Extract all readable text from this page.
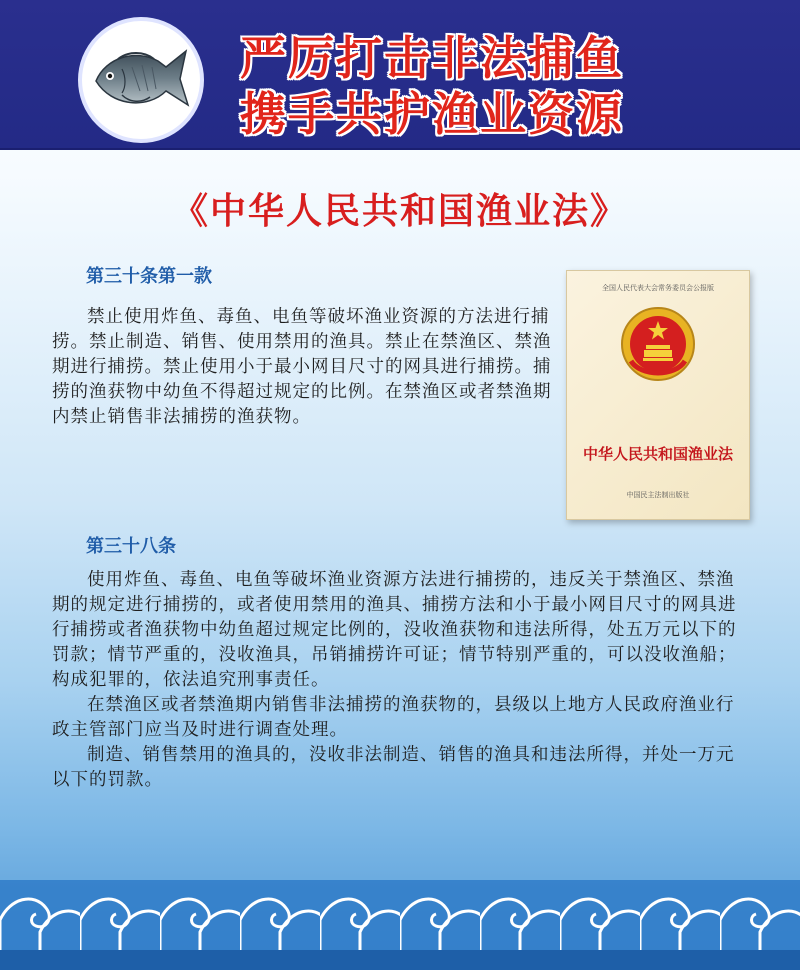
严厉打击非法捕鱼
携手共护渔业资源
《中华人民共和国渔业法》
第三十条第一款

禁止使用炸鱼、毒鱼、电鱼等破坏渔业资源的方法进行捕捞。禁止制造、销售、使用禁用的渔具。禁止在禁渔区、禁渔期进行捕捞。禁止使用小于最小网目尺寸的网具进行捕捞。捕捞的渔获物中幼鱼不得超过规定的比例。在禁渔区或者禁渔期内禁止销售非法捕捞的渔获物。

全国人民代表大会常务委员会公报版
中华人民共和国渔业法
中国民主法制出版社
第三十八条

使用炸鱼、毒鱼、电鱼等破坏渔业资源方法进行捕捞的，违反关于禁渔区、禁渔期的规定进行捕捞的，或者使用禁用的渔具、捕捞方法和小于最小网目尺寸的网具进行捕捞或者渔获物中幼鱼超过规定比例的，没收渔获物和违法所得，处五万元以下的罚款；情节严重的，没收渔具，吊销捕捞许可证；情节特别严重的，可以没收渔船；构成犯罪的，依法追究刑事责任。

在禁渔区或者禁渔期内销售非法捕捞的渔获物的，县级以上地方人民政府渔业行政主管部门应当及时进行调查处理。

制造、销售禁用的渔具的，没收非法制造、销售的渔具和违法所得，并处一万元以下的罚款。
